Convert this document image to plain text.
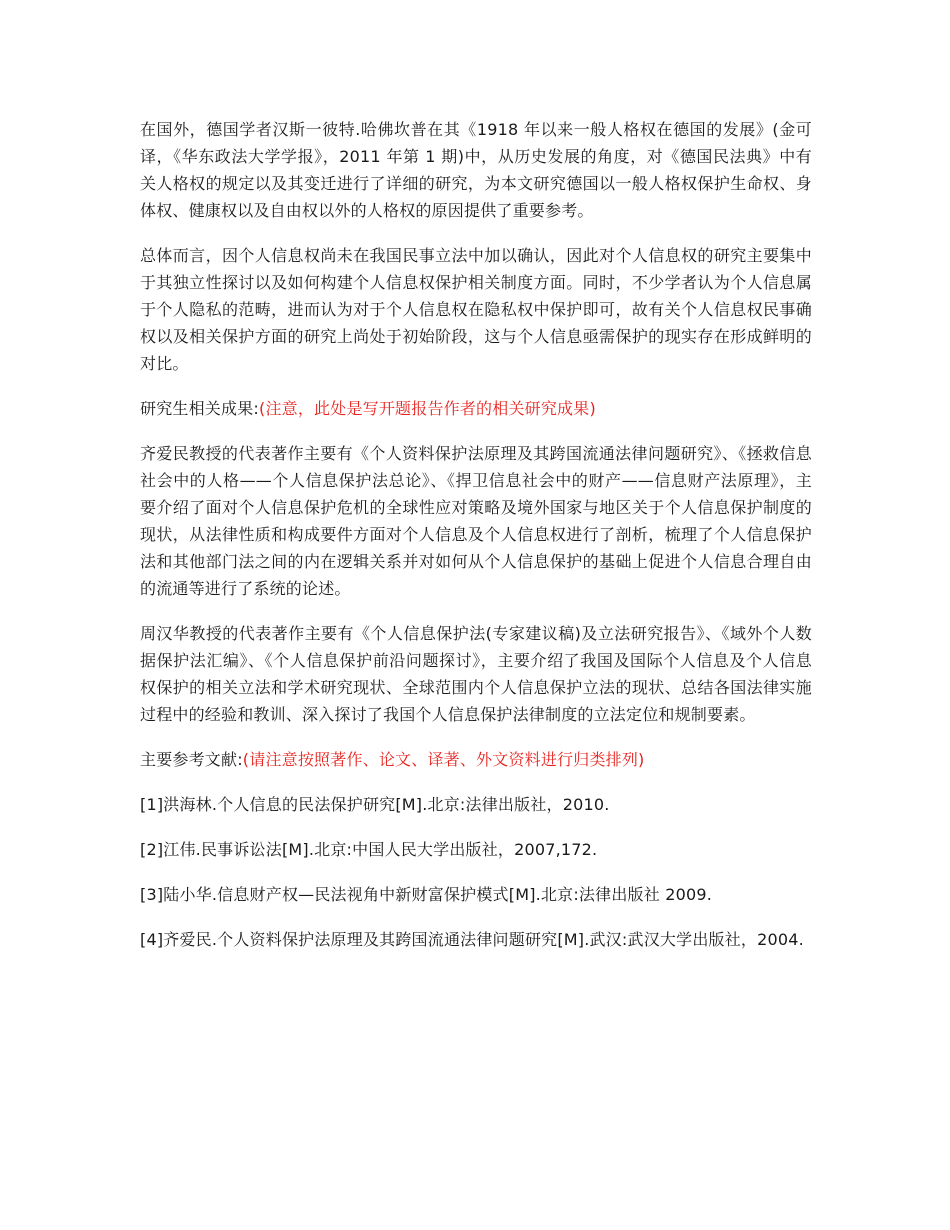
在国外，德国学者汉斯一彼特.哈佛坎普在其《1918 年以来一般人格权在德国的发展》(金可译，《华东政法大学学报》，2011 年第 1 期)中，从历史发展的角度，对《德国民法典》中有关人格权的规定以及其变迁进行了详细的研究，为本文研究德国以一般人格权保护生命权、身体权、健康权以及自由权以外的人格权的原因提供了重要参考。

总体而言，因个人信息权尚未在我国民事立法中加以确认，因此对个人信息权的研究主要集中于其独立性探讨以及如何构建个人信息权保护相关制度方面。同时，不少学者认为个人信息属于个人隐私的范畴，进而认为对于个人信息权在隐私权中保护即可，故有关个人信息权民事确权以及相关保护方面的研究上尚处于初始阶段，这与个人信息亟需保护的现实存在形成鲜明的对比。

研究生相关成果:(注意，此处是写开题报告作者的相关研究成果)

齐爱民教授的代表著作主要有《个人资料保护法原理及其跨国流通法律问题研究》、《拯救信息社会中的人格——个人信息保护法总论》、《捍卫信息社会中的财产——信息财产法原理》，主要介绍了面对个人信息保护危机的全球性应对策略及境外国家与地区关于个人信息保护制度的现状，从法律性质和构成要件方面对个人信息及个人信息权进行了剖析，梳理了个人信息保护法和其他部门法之间的内在逻辑关系并对如何从个人信息保护的基础上促进个人信息合理自由的流通等进行了系统的论述。

周汉华教授的代表著作主要有《个人信息保护法(专家建议稿)及立法研究报告》、《域外个人数据保护法汇编》、《个人信息保护前沿问题探讨》，主要介绍了我国及国际个人信息及个人信息权保护的相关立法和学术研究现状、全球范围内个人信息保护立法的现状、总结各国法律实施过程中的经验和教训、深入探讨了我国个人信息保护法律制度的立法定位和规制要素。

主要参考文献:(请注意按照著作、论文、译著、外文资料进行归类排列)

[1]洪海林.个人信息的民法保护研究[M].北京:法律出版社，2010.

[2]江伟.民事诉讼法[M].北京:中国人民大学出版社，2007,172.

[3]陆小华.信息财产权—民法视角中新财富保护模式[M].北京:法律出版社 2009.

[4]齐爱民.个人资料保护法原理及其跨国流通法律问题研究[M].武汉:武汉大学出版社，2004.
